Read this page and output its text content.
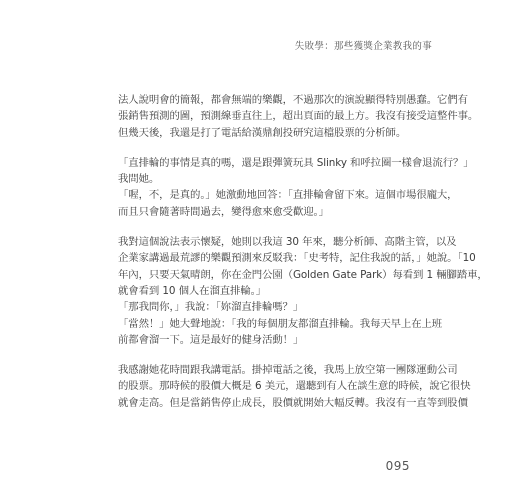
失敗學：那些獲獎企業教我的事
法人說明會的簡報，都會無端的樂觀，不過那次的演說顯得特別愚蠢。它們有
張銷售預測的圖，預測線垂直往上，超出頁面的最上方。我沒有接受這整件事。
但幾天後，我還是打了電話給漢鼎創投研究這檔股票的分析師。
「直排輪的事情是真的嗎，還是跟彈簧玩具 Slinky 和呼拉圈一樣會退流行？」
我問她。
「喔，不，是真的。」她激動地回答：「直排輪會留下來。這個市場很龐大，
而且只會隨著時間過去，變得愈來愈受歡迎。」
我對這個說法表示懷疑，她則以我這 30 年來，聽分析師、高階主管，以及
企業家講過最荒謬的樂觀預測來反駁我：「史考特，記住我說的話，」她說。「10
年內，只要天氣晴朗，你在金門公園（Golden Gate Park）每看到 1 輛腳踏車，
就會看到 10 個人在溜直排輪。」
「那我問你，」我說：「妳溜直排輪嗎？」
「當然！」她大聲地說：「我的每個朋友都溜直排輪。我每天早上在上班
前都會溜一下。這是最好的健身活動！」
我感謝她花時間跟我講電話。掛掉電話之後，我馬上放空第一團隊運動公司
的股票。那時候的股價大概是 6 美元，還聽到有人在談生意的時候，說它很快
就會走高。但是當銷售停止成長，股價就開始大幅反轉。我沒有一直等到股價
095
